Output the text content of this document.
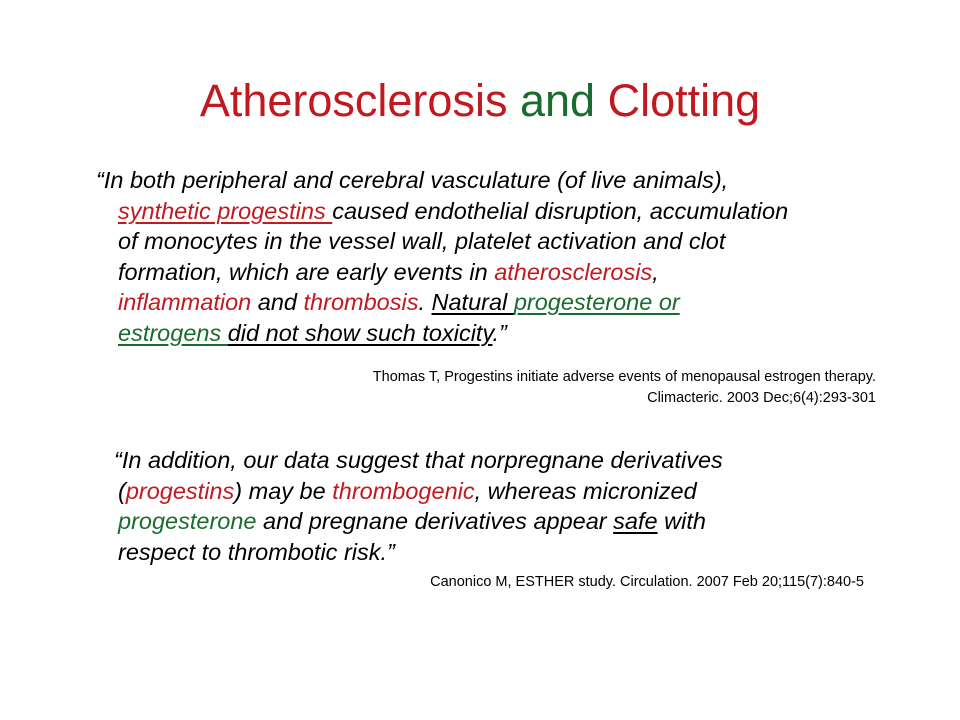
Atherosclerosis and Clotting
“In both peripheral and cerebral vasculature (of live animals),
synthetic progestins caused endothelial disruption, accumulation
of monocytes in the vessel wall, platelet activation and clot
formation, which are early events in atherosclerosis,
inflammation and thrombosis. Natural progesterone or
estrogens did not show such toxicity.”
Thomas T, Progestins initiate adverse events of menopausal estrogen therapy.
Climacteric. 2003 Dec;6(4):293-301
“In addition, our data suggest that norpregnane derivatives
(progestins) may be thrombogenic, whereas micronized
progesterone and pregnane derivatives appear safe with
respect to thrombotic risk.”
Canonico M, ESTHER study. Circulation. 2007 Feb 20;115(7):840-5
